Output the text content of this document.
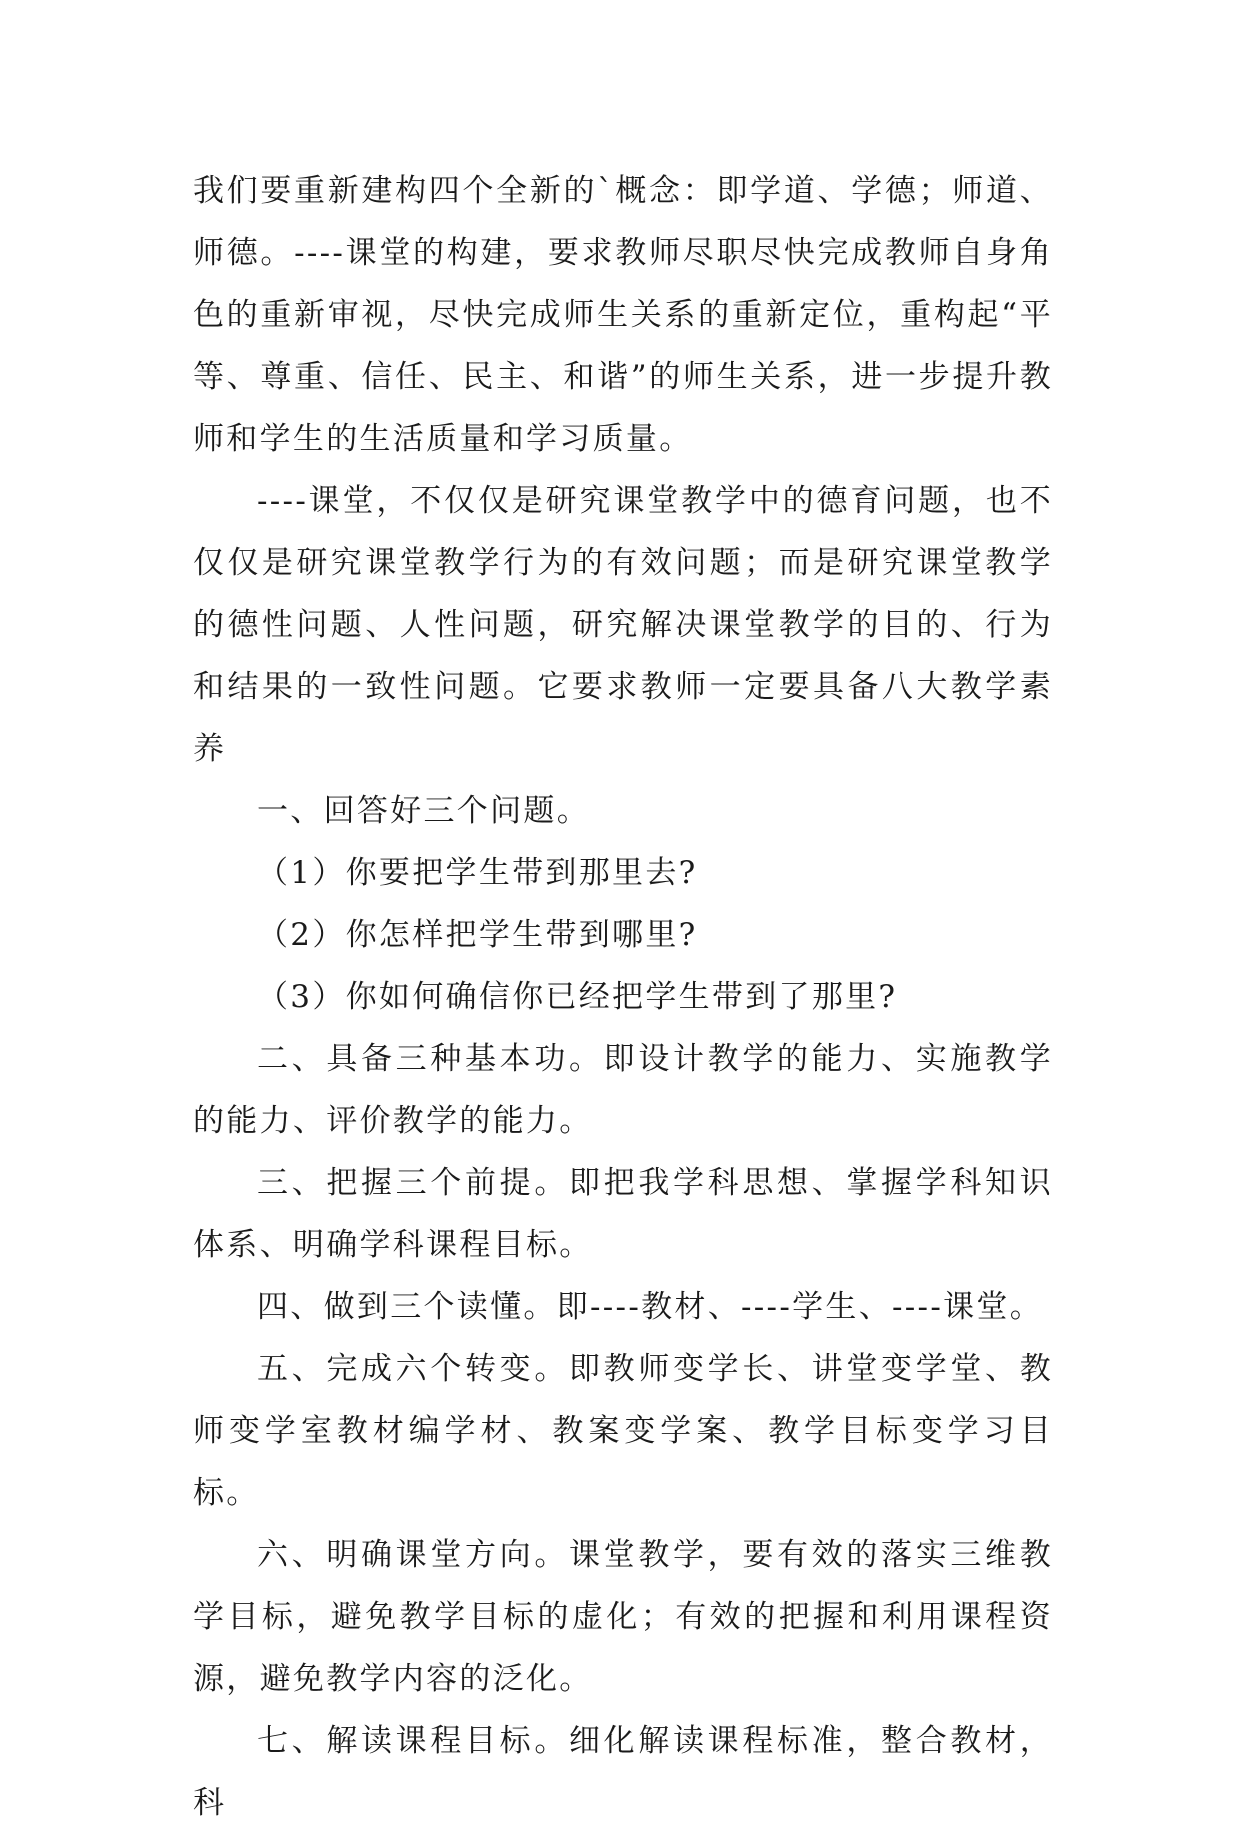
我们要重新建构四个全新的`概念：即学道、学德；师道、师德。----课堂的构建，要求教师尽职尽快完成教师自身角色的重新审视，尽快完成师生关系的重新定位，重构起“平等、尊重、信任、民主、和谐”的师生关系，进一步提升教师和学生的生活质量和学习质量。

----课堂，不仅仅是研究课堂教学中的德育问题，也不仅仅是研究课堂教学行为的有效问题；而是研究课堂教学的德性问题、人性问题，研究解决课堂教学的目的、行为和结果的一致性问题。它要求教师一定要具备八大教学素养

一、回答好三个问题。

（1）你要把学生带到那里去?

（2）你怎样把学生带到哪里?

（3）你如何确信你已经把学生带到了那里?

二、具备三种基本功。即设计教学的能力、实施教学的能力、评价教学的能力。

三、把握三个前提。即把我学科思想、掌握学科知识体系、明确学科课程目标。

四、做到三个读懂。即----教材、----学生、----课堂。

五、完成六个转变。即教师变学长、讲堂变学堂、教师变学室教材编学材、教案变学案、教学目标变学习目标。

六、明确课堂方向。课堂教学，要有效的落实三维教学目标，避免教学目标的虚化；有效的把握和利用课程资源，避免教学内容的泛化。

七、解读课程目标。细化解读课程标准，整合教材，科
